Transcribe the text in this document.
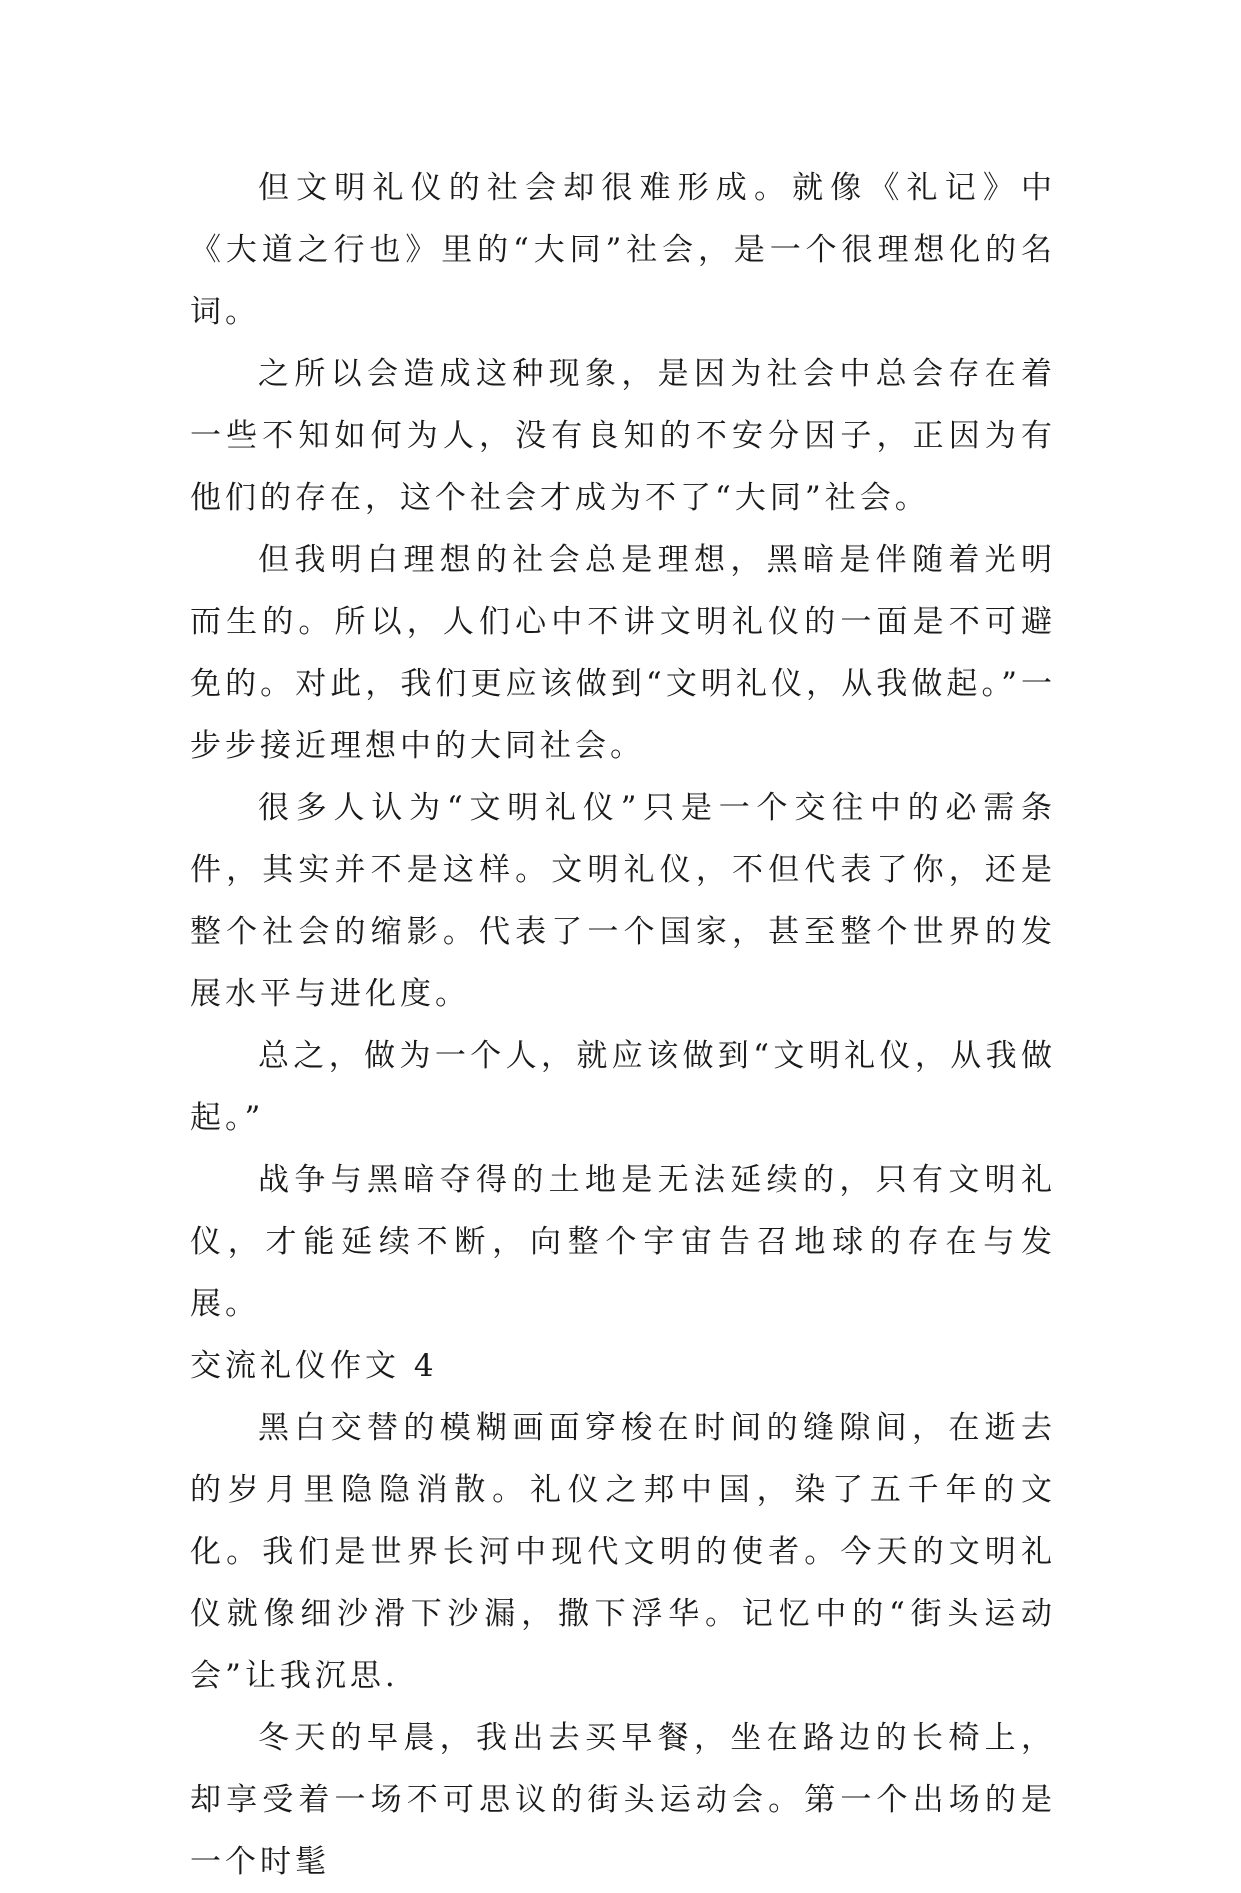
但文明礼仪的社会却很难形成。就像《礼记》中《大道之行也》里的“大同”社会，是一个很理想化的名词。

之所以会造成这种现象，是因为社会中总会存在着一些不知如何为人，没有良知的不安分因子，正因为有他们的存在，这个社会才成为不了“大同”社会。

但我明白理想的社会总是理想，黑暗是伴随着光明而生的。所以，人们心中不讲文明礼仪的一面是不可避免的。对此，我们更应该做到“文明礼仪，从我做起。”一步步接近理想中的大同社会。

很多人认为“文明礼仪”只是一个交往中的必需条件，其实并不是这样。文明礼仪，不但代表了你，还是整个社会的缩影。代表了一个国家，甚至整个世界的发展水平与进化度。

总之，做为一个人，就应该做到“文明礼仪，从我做起。”

战争与黑暗夺得的土地是无法延续的，只有文明礼仪，才能延续不断，向整个宇宙告召地球的存在与发展。

交流礼仪作文 4

黑白交替的模糊画面穿梭在时间的缝隙间，在逝去的岁月里隐隐消散。礼仪之邦中国，染了五千年的文化。我们是世界长河中现代文明的使者。今天的文明礼仪就像细沙滑下沙漏，撒下浮华。记忆中的“街头运动会”让我沉思.

冬天的早晨，我出去买早餐，坐在路边的长椅上，却享受着一场不可思议的街头运动会。第一个出场的是一个时髦
